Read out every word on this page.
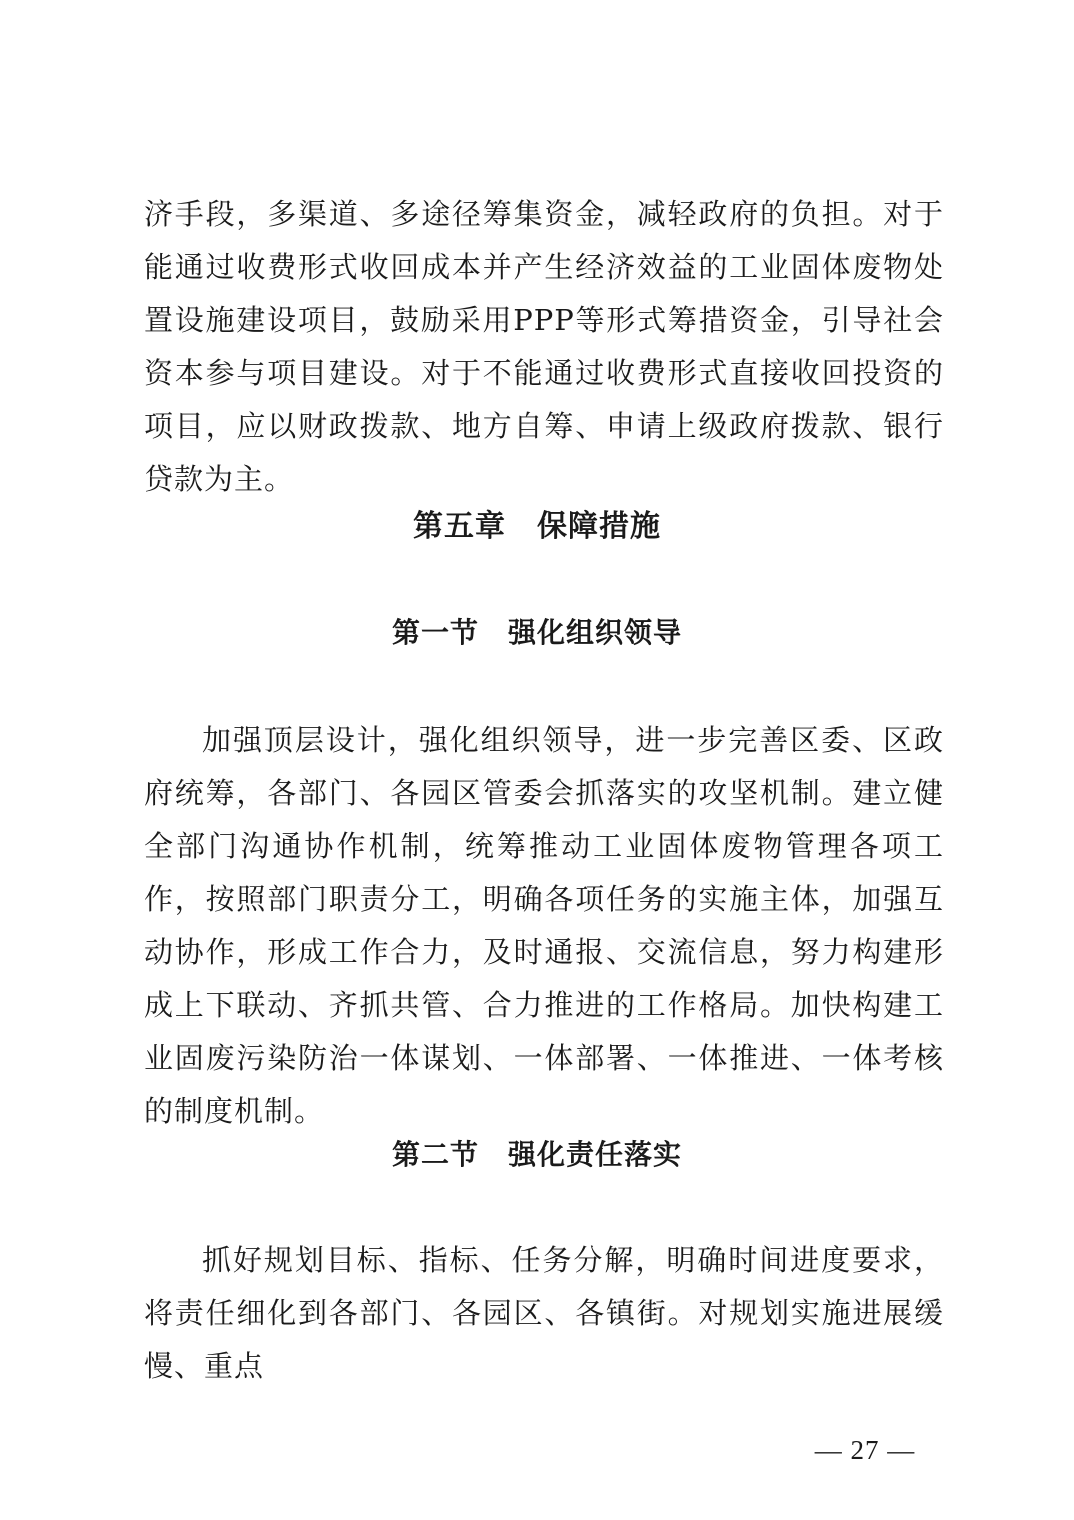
济手段，多渠道、多途径筹集资金，减轻政府的负担。对于能通过收费形式收回成本并产生经济效益的工业固体废物处置设施建设项目，鼓励采用PPP等形式筹措资金，引导社会资本参与项目建设。对于不能通过收费形式直接收回投资的项目，应以财政拨款、地方自筹、申请上级政府拨款、银行贷款为主。

第五章　保障措施
第一节　强化组织领导

加强顶层设计，强化组织领导，进一步完善区委、区政府统筹，各部门、各园区管委会抓落实的攻坚机制。建立健全部门沟通协作机制，统筹推动工业固体废物管理各项工作，按照部门职责分工，明确各项任务的实施主体，加强互动协作，形成工作合力，及时通报、交流信息，努力构建形成上下联动、齐抓共管、合力推进的工作格局。加快构建工业固废污染防治一体谋划、一体部署、一体推进、一体考核的制度机制。

第二节　强化责任落实

抓好规划目标、指标、任务分解，明确时间进度要求，将责任细化到各部门、各园区、各镇街。对规划实施进展缓慢、重点

— 27 —
